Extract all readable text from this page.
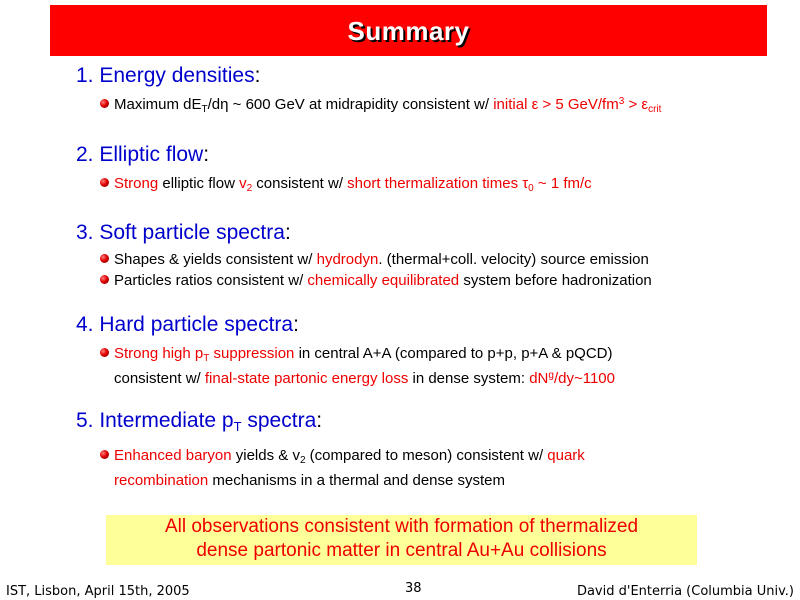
Summary
1. Energy densities:
Maximum $dE_T/d\eta$ ~ 600 GeV at midrapidity consistent w/ initial ε > 5 GeV/$fm^3 > \varepsilon_{crit}$
2. Elliptic flow:
Strong elliptic flow $v_2$ consistent w/ short thermalization times $\tau_0$ ~ 1 fm/c
3. Soft particle spectra:
Shapes & yields consistent w/ hydrodyn. (thermal+coll. velocity) source emission
Particles ratios consistent w/ chemically equilibrated system before hadronization
4. Hard particle spectra:
Strong high $p_T$ suppression in central A+A (compared to p+p, p+A & pQCD)
consistent w/ final-state partonic energy loss in dense system: $dN^g/dy\sim 1100$
5. Intermediate $p_T$ spectra:
Enhanced baryon yields & $v_2$ (compared to meson) consistent w/ quark
recombination mechanisms in a thermal and dense system
All observations consistent with formation of thermalized
dense partonic matter in central Au+Au collisions
IST, Lisbon, April 15th, 2005	38	David d'Enterria (Columbia Univ.)
